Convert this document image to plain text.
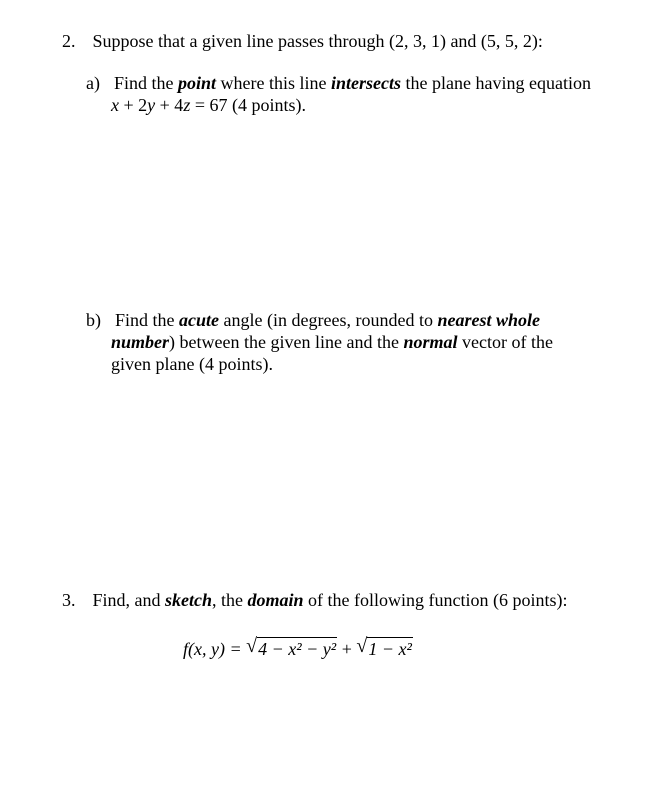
2. Suppose that a given line passes through (2, 3, 1) and (5, 5, 2):
a) Find the point where this line intersects the plane having equation
x + 2y + 4z = 67 (4 points).
b) Find the acute angle (in degrees, rounded to nearest whole
number) between the given line and the normal vector of the
given plane (4 points).
3. Find, and sketch, the domain of the following function (6 points):
f(x, y) = √ 4 − x² − y² + √ 1 − x²
